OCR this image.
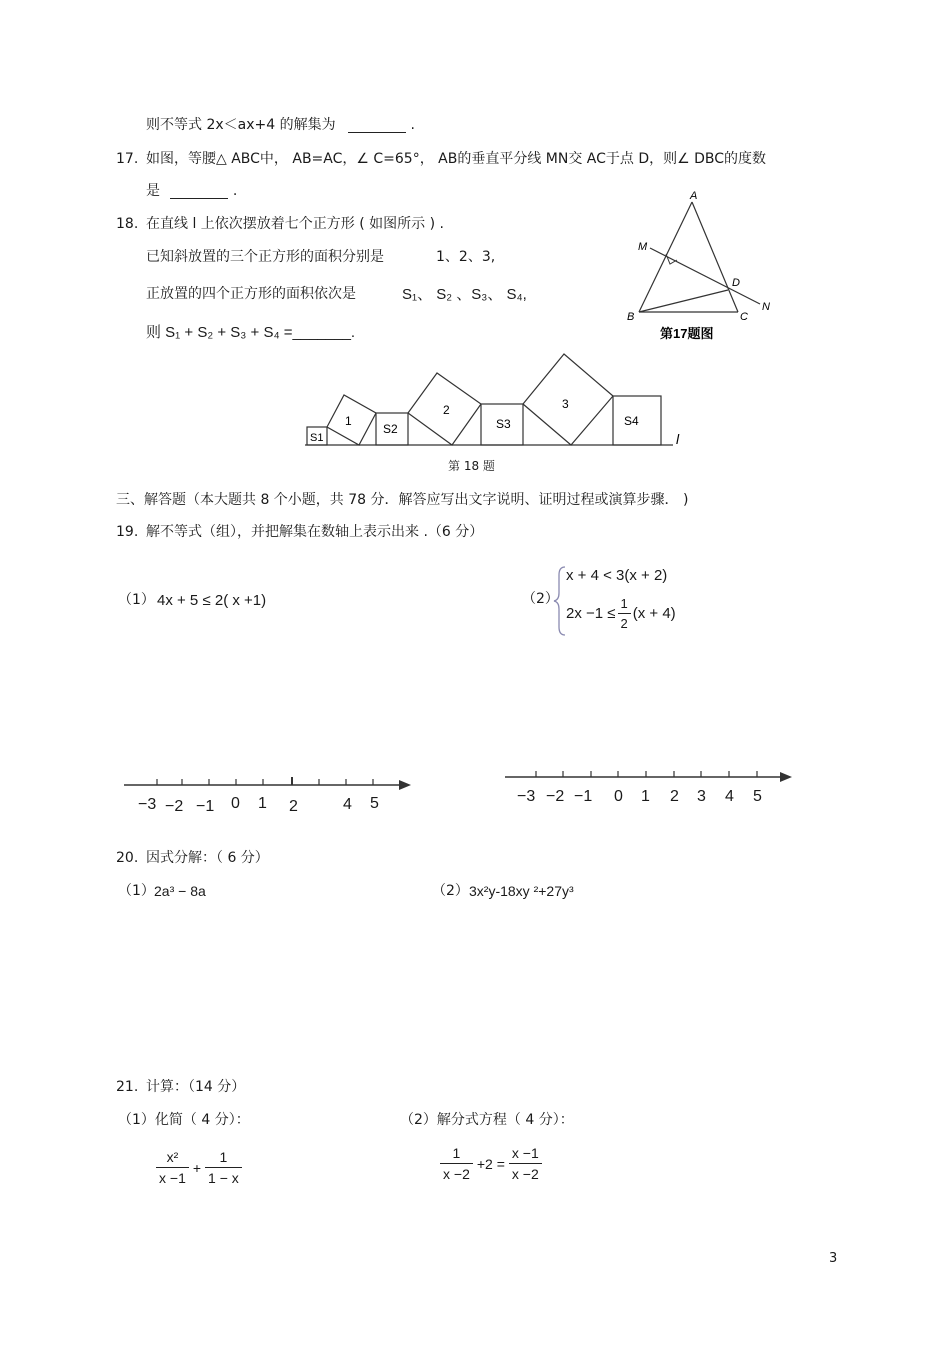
则不等式 2x＜ax+4 的解集为	.
17. 如图，等腰△ ABC中， AB=AC，∠ C=65°， AB的垂直平分线 MN交 AC于点 D，则∠ DBC的度数
是	.	A
B	C
D
M
N
第17题图
18. 在直线 l 上依次摆放着七个正方形 ( 如图所示 ) .
已知斜放置的三个正方形的面积分别是	1、2、3,
正放置的四个正方形的面积依次是	S₁、 S₂ 、S₃、 S₄,
则 S₁ + S₂ + S₃ + S₄ =_______.
l
S1
1
S2
2
S3
3
S4
第 18 题
三、解答题（本大题共 8 个小题，共 78 分．解答应写出文字说明、证明过程或演算步骤． )
19. 解不等式（组），并把解集在数轴上表示出来 .（6 分）
（1） 4x + 5 ≤ 2( x +1)	（2）
x + 4 < 3(x + 2)
$2x -1 \le \frac{1}{2} (x + 4)$
−3 −2 −1 0 1 2	4 5	−3 −2 −1 0 1 2 3 4 5
20. 因式分解：（ 6 分）
（1） 2a³ − 8a	（2） 3x²y-18xy ²+27y³
21. 计算：（14 分）
（1）化简（ 4 分）：	（2）解分式方程（ 4 分）：
$\frac{\text{x²}}{x -1} + \frac{1}{1 - x}$	$\frac{1}{x -2} +2 = \frac{x -1}{x -2}$
3
